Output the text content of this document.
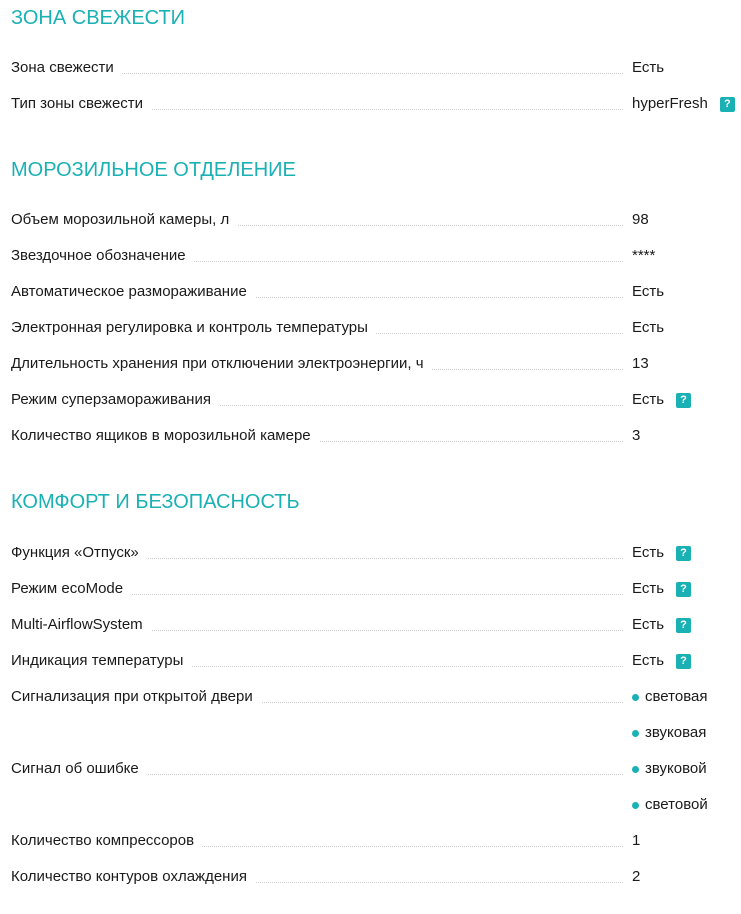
ЗОНА СВЕЖЕСТИ
Зона свежести	Есть
Тип зоны свежести	hyperFresh	?
МОРОЗИЛЬНОЕ ОТДЕЛЕНИЕ
Объем морозильной камеры, л	98
Звездочное обозначение	****
Автоматическое размораживание	Есть
Электронная регулировка и контроль температуры	Есть
Длительность хранения при отключении электроэнергии, ч	13
Режим суперзамораживания	Есть	?
Количество ящиков в морозильной камере	3
КОМФОРТ И БЕЗОПАСНОСТЬ
Функция «Отпуск»	Есть	?
Режим ecoMode	Есть	?
Multi-AirflowSystem	Есть	?
Индикация температуры	Есть	?
Сигнализация при открытой двери	световая
звуковая
Сигнал об ошибке	звуковой
световой
Количество компрессоров	1
Количество контуров охлаждения	2
